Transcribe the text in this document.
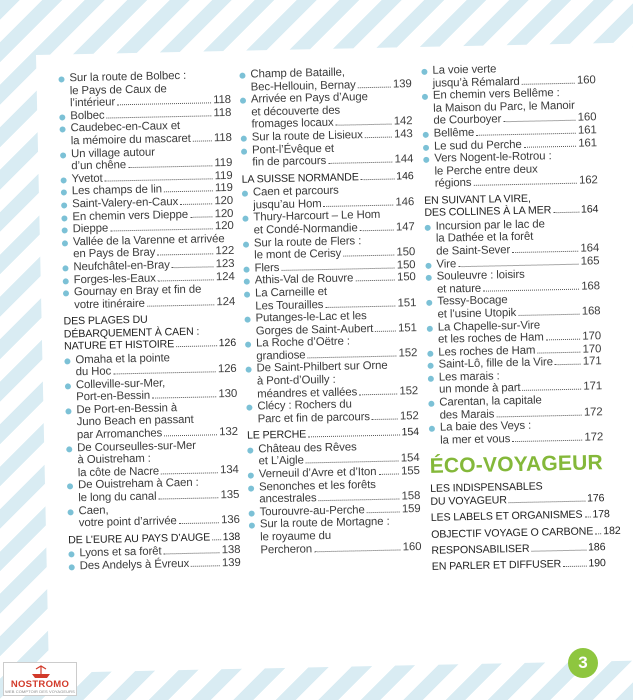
Sur la route de Bolbec :
le Pays de Caux de
l’intérieur	118
Bolbec	118
Caudebec-en-Caux et
la mémoire du mascaret 118
Un village autour
d’un chêne	119
Yvetot	119
Les champs de lin	119
Saint-Valery-en-Caux	120
En chemin vers Dieppe 120
Dieppe	120
Vallée de la Varenne et arrivée
en Pays de Bray	122
Neufchâtel-en-Bray	123
Forges-les-Eaux	124
Gournay en Bray et fin de
votre itinéraire	124
DES PLAGES DU
DÉBARQUEMENT À CAEN :
NATURE ET HISTOIRE	126
Omaha et la pointe
du Hoc	126
Colleville-sur-Mer,
Port-en-Bessin	130
De Port-en-Bessin à
Juno Beach en passant
par Arromanches	132
De Courseulles-sur-Mer
à Ouistreham :
la côte de Nacre	134
De Ouistreham à Caen :
le long du canal	135
Caen,
votre point d’arrivée	136
DE L’EURE AU PAYS D’AUGE 138
Lyons et sa forêt	138
Des Andelys à Évreux	139
Champ de Bataille,
Bec-Hellouin, Bernay	139
Arrivée en Pays d’Auge
et découverte des
fromages locaux	142
Sur la route de Lisieux	143
Pont-l’Évêque et
fin de parcours	144
LA SUISSE NORMANDE	146
Caen et parcours
jusqu’au Hom	146
Thury-Harcourt – Le Hom
et Condé-Normandie	147
Sur la route de Flers :
le mont de Cerisy	150
Flers	150
Athis-Val de Rouvre	150
La Carneille et
Les Tourailles	151
Putanges-le-Lac et les
Gorges de Saint-Aubert 151
La Roche d’Oëtre :
grandiose	152
De Saint-Philbert sur Orne
à Pont-d’Ouilly :
méandres et vallées	152
Clécy : Rochers du
Parc et fin de parcours	152
LE PERCHE	154
Château des Rêves
et L’Aigle	154
Verneuil d’Avre et d’Iton 155
Senonches et les forêts
ancestrales	158
Tourouvre-au-Perche	159
Sur la route de Mortagne :
le royaume du
Percheron	160
La voie verte
jusqu’à Rémalard	160
En chemin vers Bellême :
la Maison du Parc, le Manoir
de Courboyer	160
Bellême	161
Le sud du Perche	161
Vers Nogent-le-Rotrou :
le Perche entre deux
régions	162
EN SUIVANT LA VIRE,
DES COLLINES À LA MER	164
Incursion par le lac de
la Dathée et la forêt
de Saint-Sever	164
Vire	165
Souleuvre : loisirs
et nature	168
Tessy-Bocage
et l’usine Utopik	168
La Chapelle-sur-Vire
et les roches de Ham	170
Les roches de Ham	170
Saint-Lô, fille de la Vire	171
Les marais :
un monde à part	171
Carentan, la capitale
des Marais	172
La baie des Veys :
la mer et vous	172
ÉCO-VOYAGEUR
LES INDISPENSABLES
DU VOYAGEUR	176
LES LABELS ET ORGANISMES 178
OBJECTIF VOYAGE O CARBONE 182
RESPONSABILISER	186
EN PARLER ET DIFFUSER	190
3
NOSTROMO
WEB COMPTOIR DES VOYAGEURS
